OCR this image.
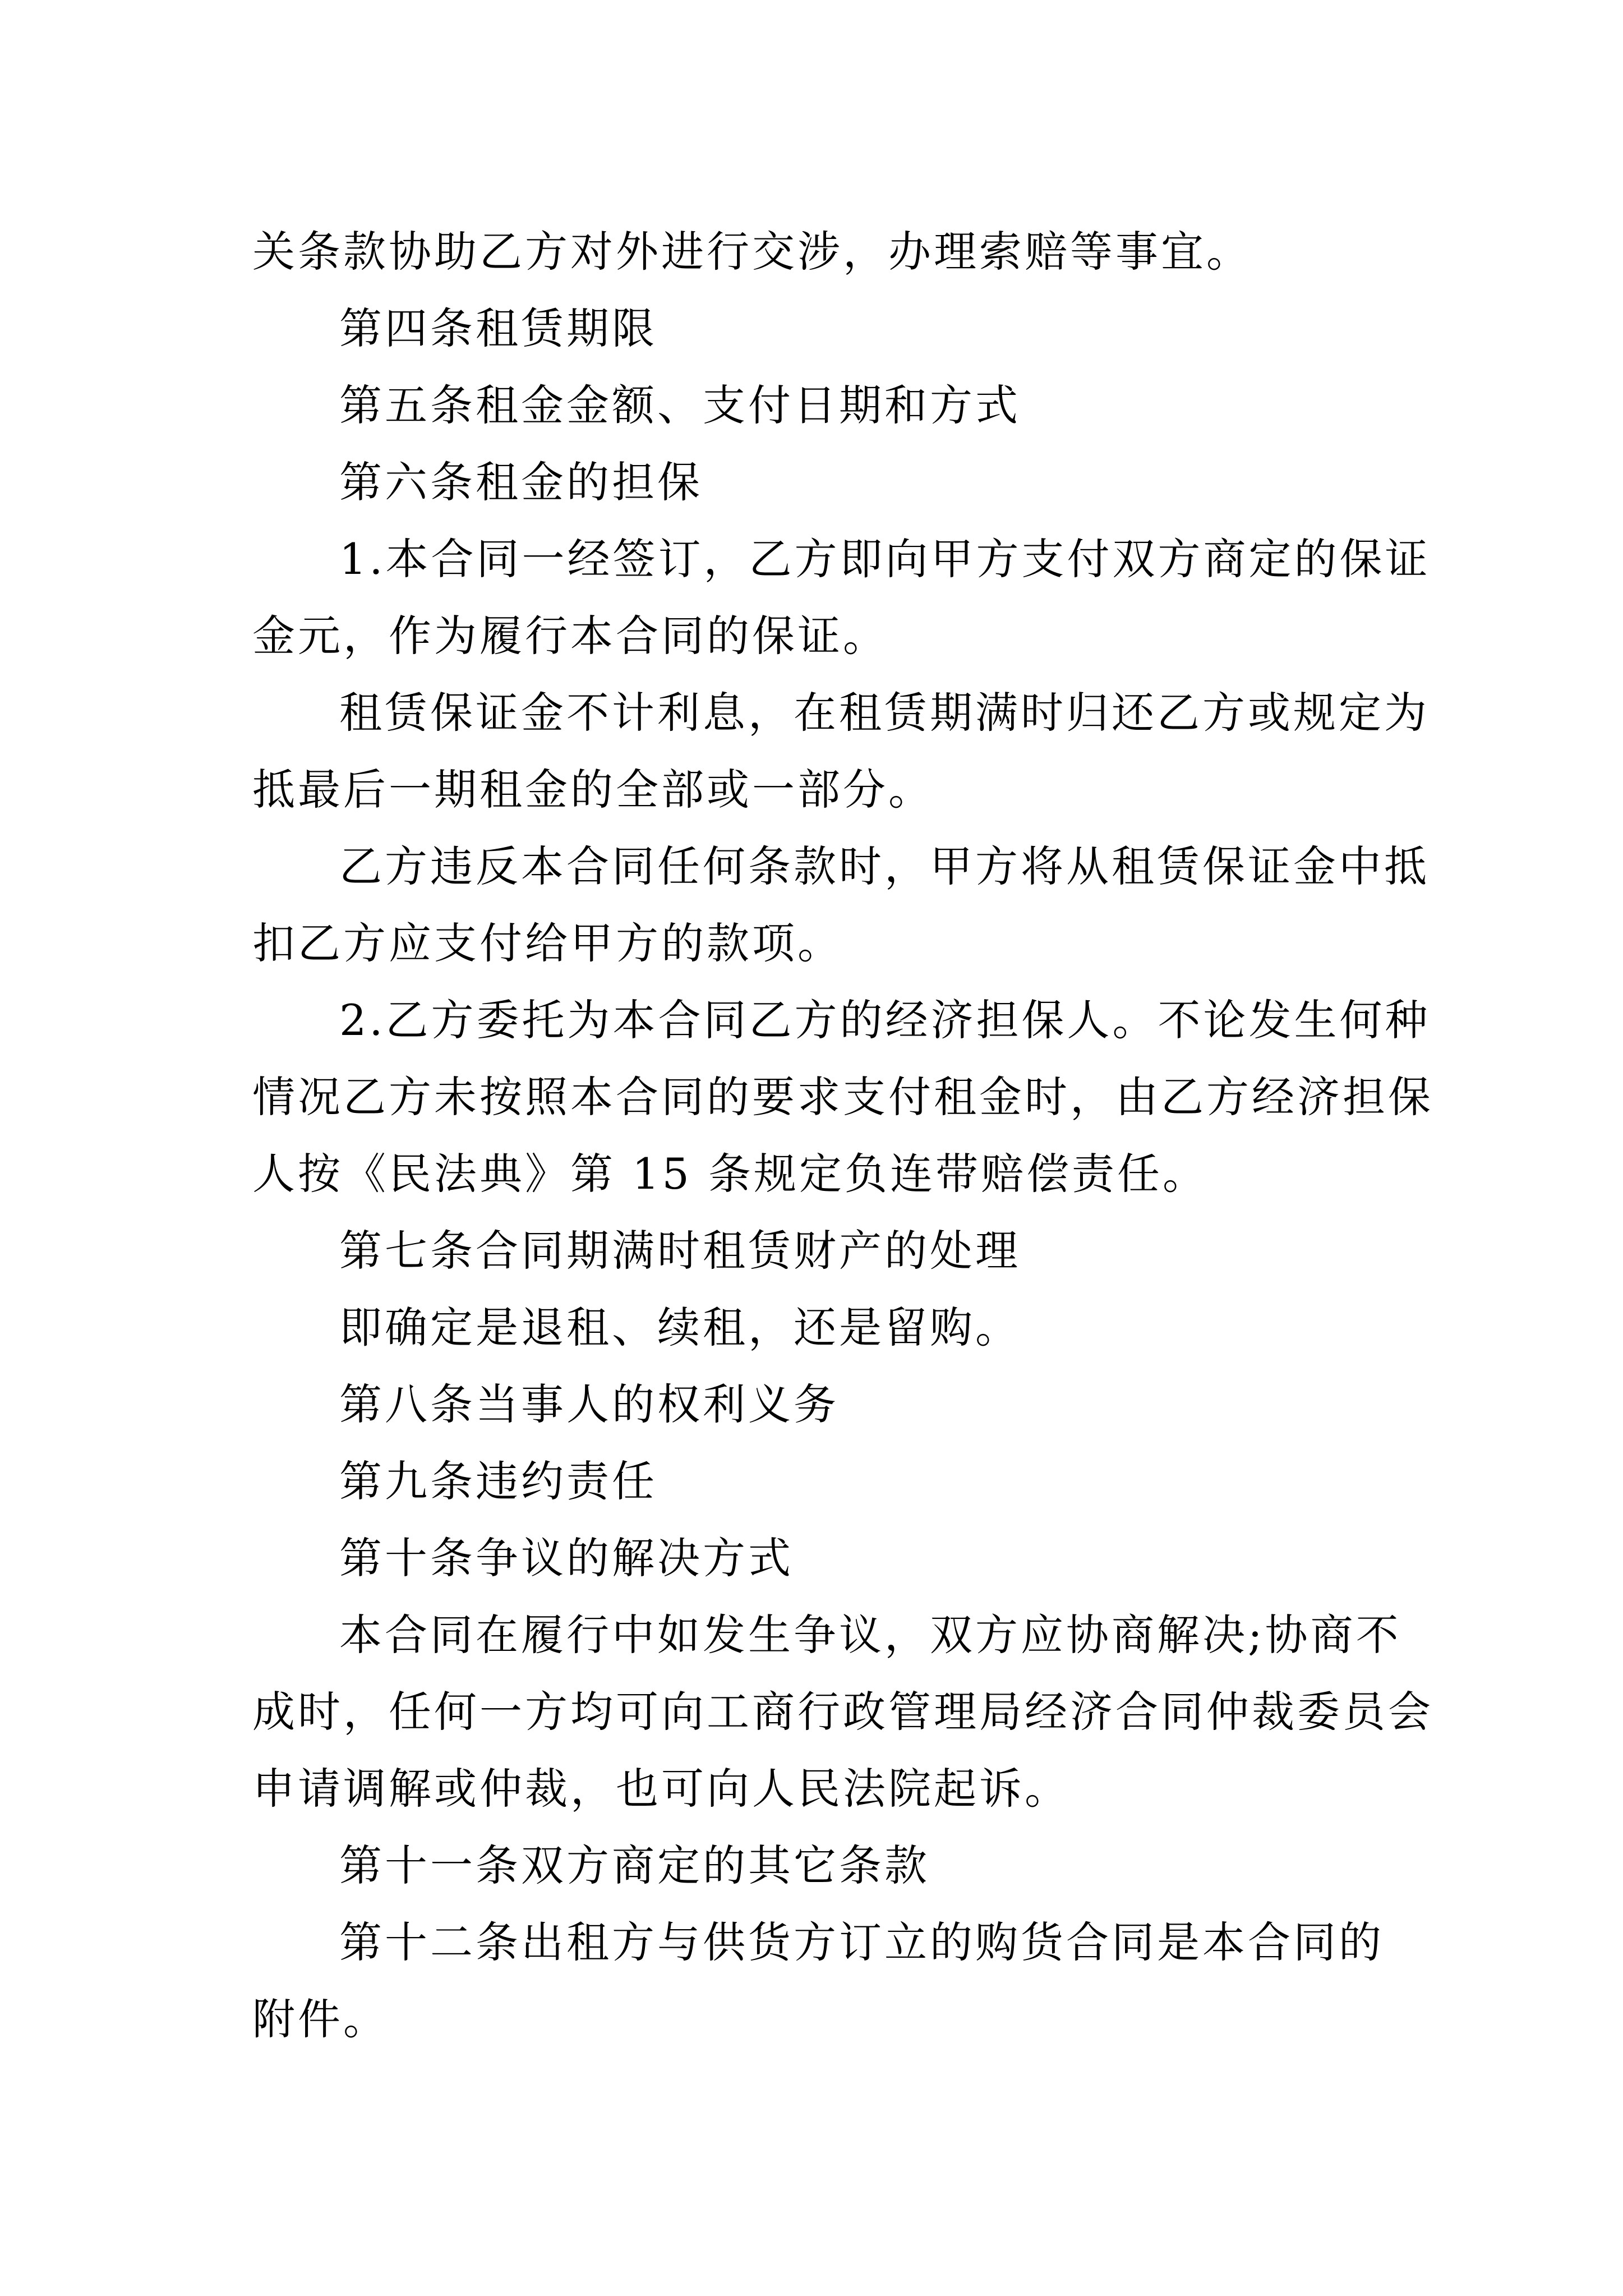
关条款协助乙方对外进行交涉，办理索赔等事宜。
第四条租赁期限
第五条租金金额、支付日期和方式
第六条租金的担保
1.本合同一经签订，乙方即向甲方支付双方商定的保证
金元，作为履行本合同的保证。
租赁保证金不计利息，在租赁期满时归还乙方或规定为
抵最后一期租金的全部或一部分。
乙方违反本合同任何条款时，甲方将从租赁保证金中抵
扣乙方应支付给甲方的款项。
2.乙方委托为本合同乙方的经济担保人。不论发生何种
情况乙方未按照本合同的要求支付租金时，由乙方经济担保
人按《民法典》第 15 条规定负连带赔偿责任。
第七条合同期满时租赁财产的处理
即确定是退租、续租，还是留购。
第八条当事人的权利义务
第九条违约责任
第十条争议的解决方式
本合同在履行中如发生争议，双方应协商解决;协商不
成时，任何一方均可向工商行政管理局经济合同仲裁委员会
申请调解或仲裁，也可向人民法院起诉。
第十一条双方商定的其它条款
第十二条出租方与供货方订立的购货合同是本合同的
附件。
